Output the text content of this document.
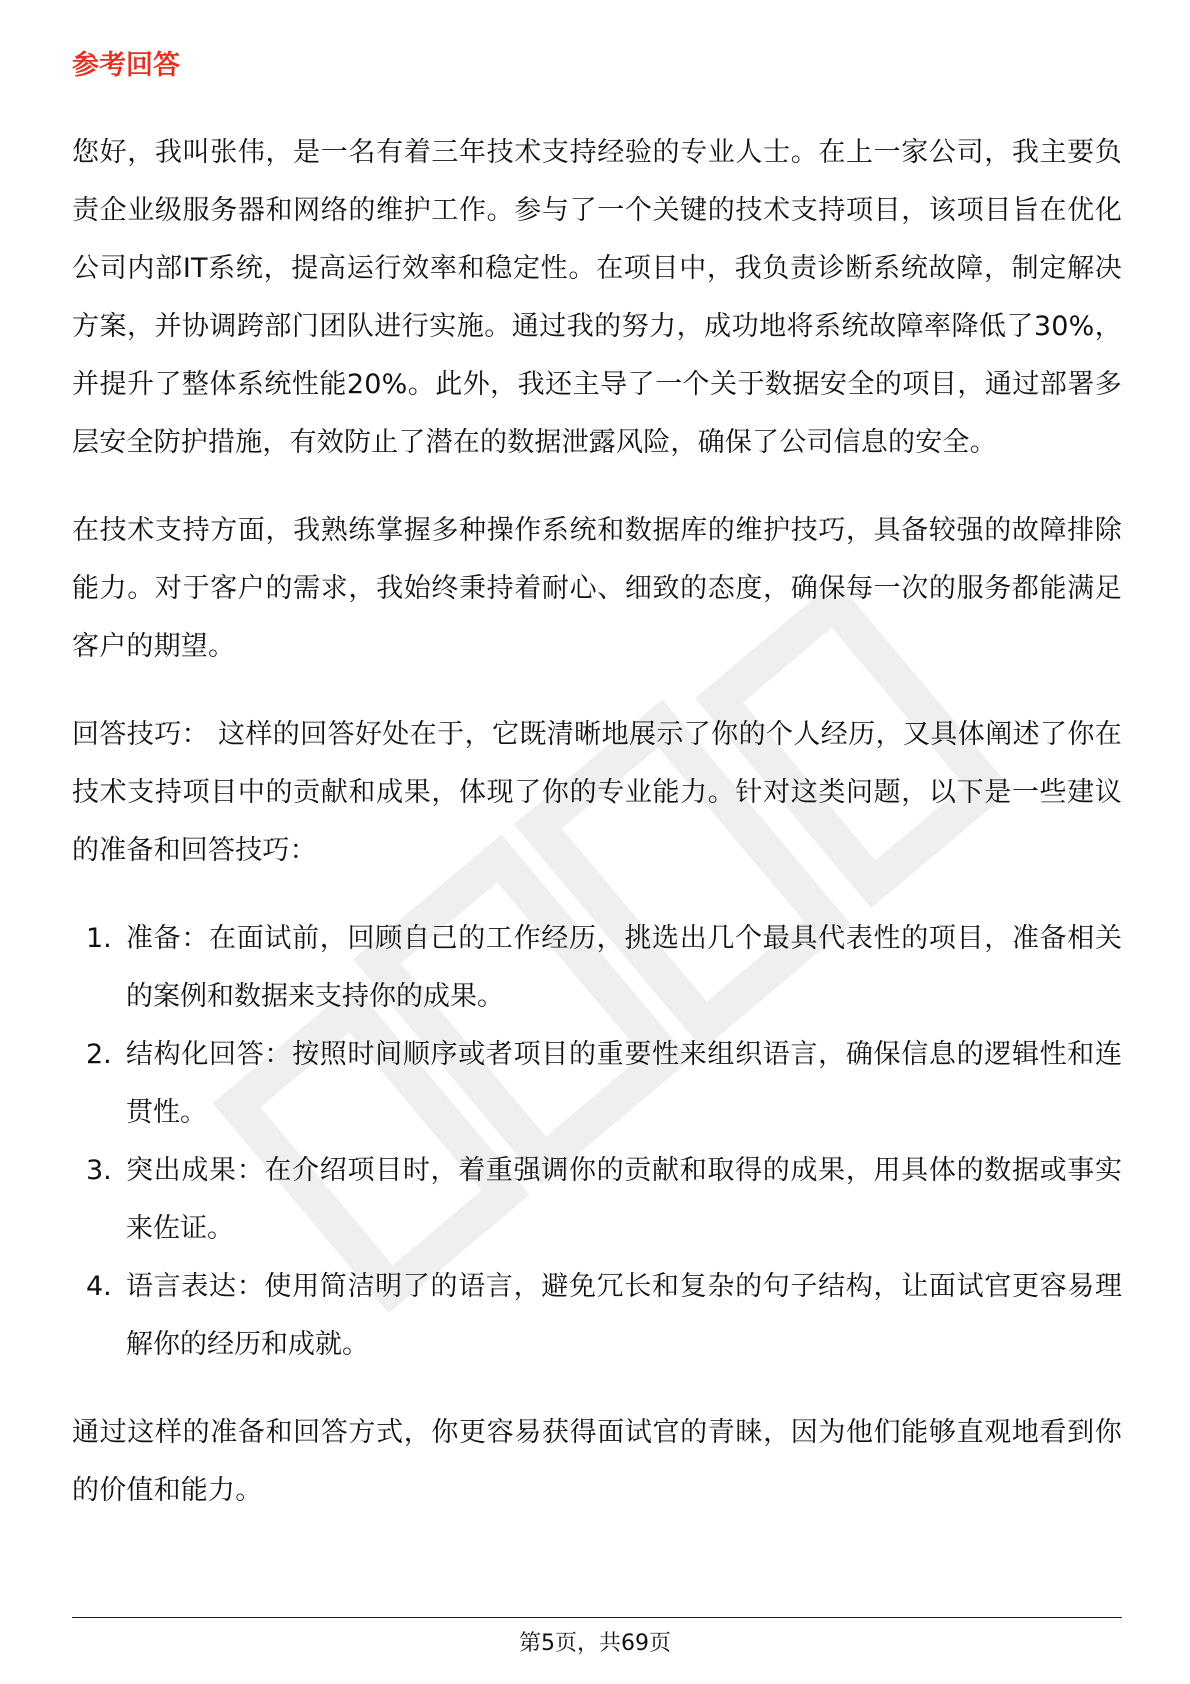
参考回答

您好，我叫张伟，是一名有着三年技术支持经验的专业人士。在上一家公司，我主要负责企业级服务器和网络的维护工作。参与了一个关键的技术支持项目，该项目旨在优化公司内部IT系统，提高运行效率和稳定性。在项目中，我负责诊断系统故障，制定解决方案，并协调跨部门团队进行实施。通过我的努力，成功地将系统故障率降低了30%，并提升了整体系统性能20%。此外，我还主导了一个关于数据安全的项目，通过部署多层安全防护措施，有效防止了潜在的数据泄露风险，确保了公司信息的安全。

在技术支持方面，我熟练掌握多种操作系统和数据库的维护技巧，具备较强的故障排除能力。对于客户的需求，我始终秉持着耐心、细致的态度，确保每一次的服务都能满足客户的期望。

回答技巧： 这样的回答好处在于，它既清晰地展示了你的个人经历，又具体阐述了你在技术支持项目中的贡献和成果，体现了你的专业能力。针对这类问题，以下是一些建议的准备和回答技巧：

1. 准备：在面试前，回顾自己的工作经历，挑选出几个最具代表性的项目，准备相关的案例和数据来支持你的成果。
2. 结构化回答：按照时间顺序或者项目的重要性来组织语言，确保信息的逻辑性和连贯性。
3. 突出成果：在介绍项目时，着重强调你的贡献和取得的成果，用具体的数据或事实来佐证。
4. 语言表达：使用简洁明了的语言，避免冗长和复杂的句子结构，让面试官更容易理解你的经历和成就。

通过这样的准备和回答方式，你更容易获得面试官的青睐，因为他们能够直观地看到你的价值和能力。

第5页，共69页
